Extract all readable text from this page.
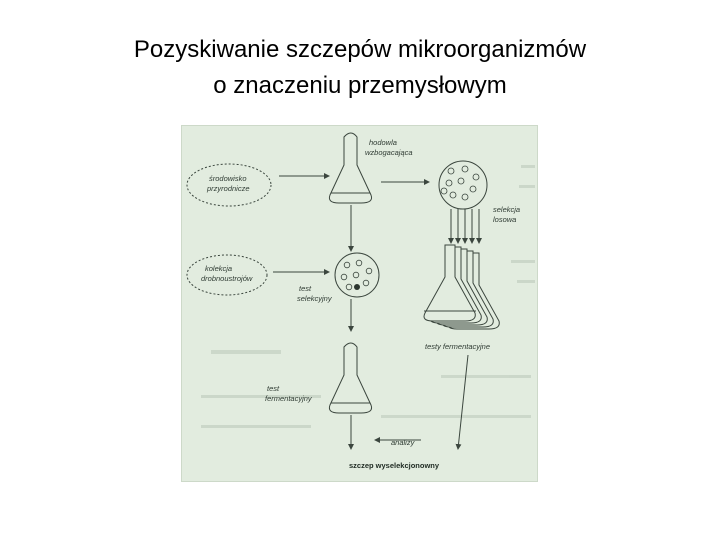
Pozyskiwanie szczepów mikroorganizmów
o znaczeniu przemysłowym
środowisko
przyrodnicze
kolekcja
drobnoustrojów
hodowla
wzbogacająca
selekcja
losowa
testy fermentacyjne
test
selekcyjny
test
fermentacyjny
analizy
szczep wyselekcjonowny
